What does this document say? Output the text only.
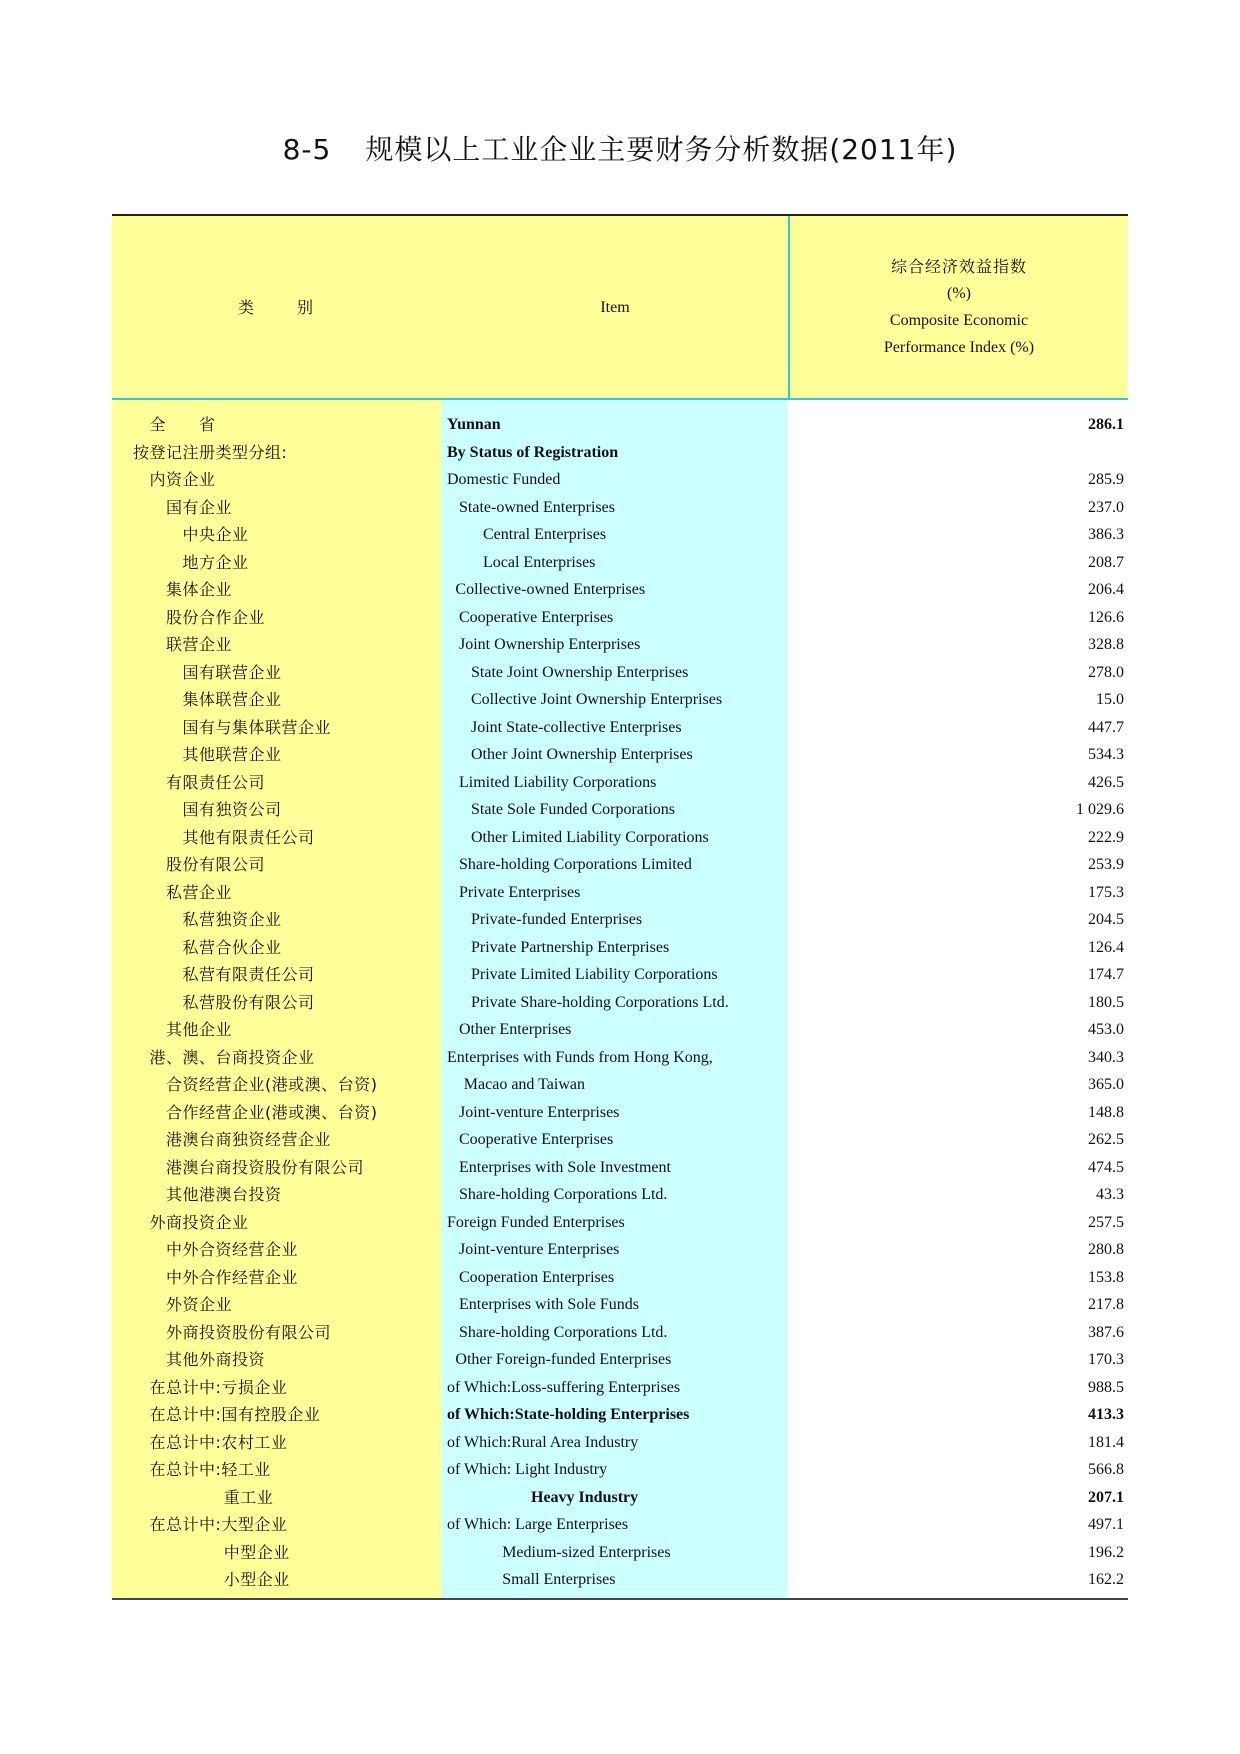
8-5 规模以上工业企业主要财务分析数据(2011年)
类	别	Item
综合经济效益指数
(%)
Composite Economic
Performance Index (%)
全　　省	Yunnan	286.1
按登记注册类型分组:	By Status of Registration
内资企业	Domestic Funded	285.9
国有企业	State-owned Enterprises	237.0
中央企业	Central Enterprises	386.3
地方企业	Local Enterprises	208.7
集体企业	Collective-owned Enterprises	206.4
股份合作企业	Cooperative Enterprises	126.6
联营企业	Joint Ownership Enterprises	328.8
国有联营企业	State Joint Ownership Enterprises	278.0
集体联营企业	Collective Joint Ownership Enterprises	15.0
国有与集体联营企业	Joint State-collective Enterprises	447.7
其他联营企业	Other Joint Ownership Enterprises	534.3
有限责任公司	Limited Liability Corporations	426.5
国有独资公司	State Sole Funded Corporations	1 029.6
其他有限责任公司	Other Limited Liability Corporations	222.9
股份有限公司	Share-holding Corporations Limited	253.9
私营企业	Private Enterprises	175.3
私营独资企业	Private-funded Enterprises	204.5
私营合伙企业	Private Partnership Enterprises	126.4
私营有限责任公司	Private Limited Liability Corporations	174.7
私营股份有限公司	Private Share-holding Corporations Ltd.	180.5
其他企业	Other Enterprises	453.0
港、澳、台商投资企业	Enterprises with Funds from Hong Kong,	340.3
合资经营企业(港或澳、台资)	Macao and Taiwan	365.0
合作经营企业(港或澳、台资)	Joint-venture Enterprises	148.8
港澳台商独资经营企业	Cooperative Enterprises	262.5
港澳台商投资股份有限公司	Enterprises with Sole Investment	474.5
其他港澳台投资	Share-holding Corporations Ltd.	43.3
外商投资企业	Foreign Funded Enterprises	257.5
中外合资经营企业	Joint-venture Enterprises	280.8
中外合作经营企业	Cooperation Enterprises	153.8
外资企业	Enterprises with Sole Funds	217.8
外商投资股份有限公司	Share-holding Corporations Ltd.	387.6
其他外商投资	Other Foreign-funded Enterprises	170.3
在总计中:亏损企业	of Which:Loss-suffering Enterprises	988.5
在总计中:国有控股企业	of Which:State-holding Enterprises	413.3
在总计中:农村工业	of Which:Rural Area Industry	181.4
在总计中:轻工业	of Which: Light Industry	566.8
重工业	Heavy Industry	207.1
在总计中:大型企业	of Which: Large Enterprises	497.1
中型企业	Medium-sized Enterprises	196.2
小型企业	Small Enterprises	162.2
